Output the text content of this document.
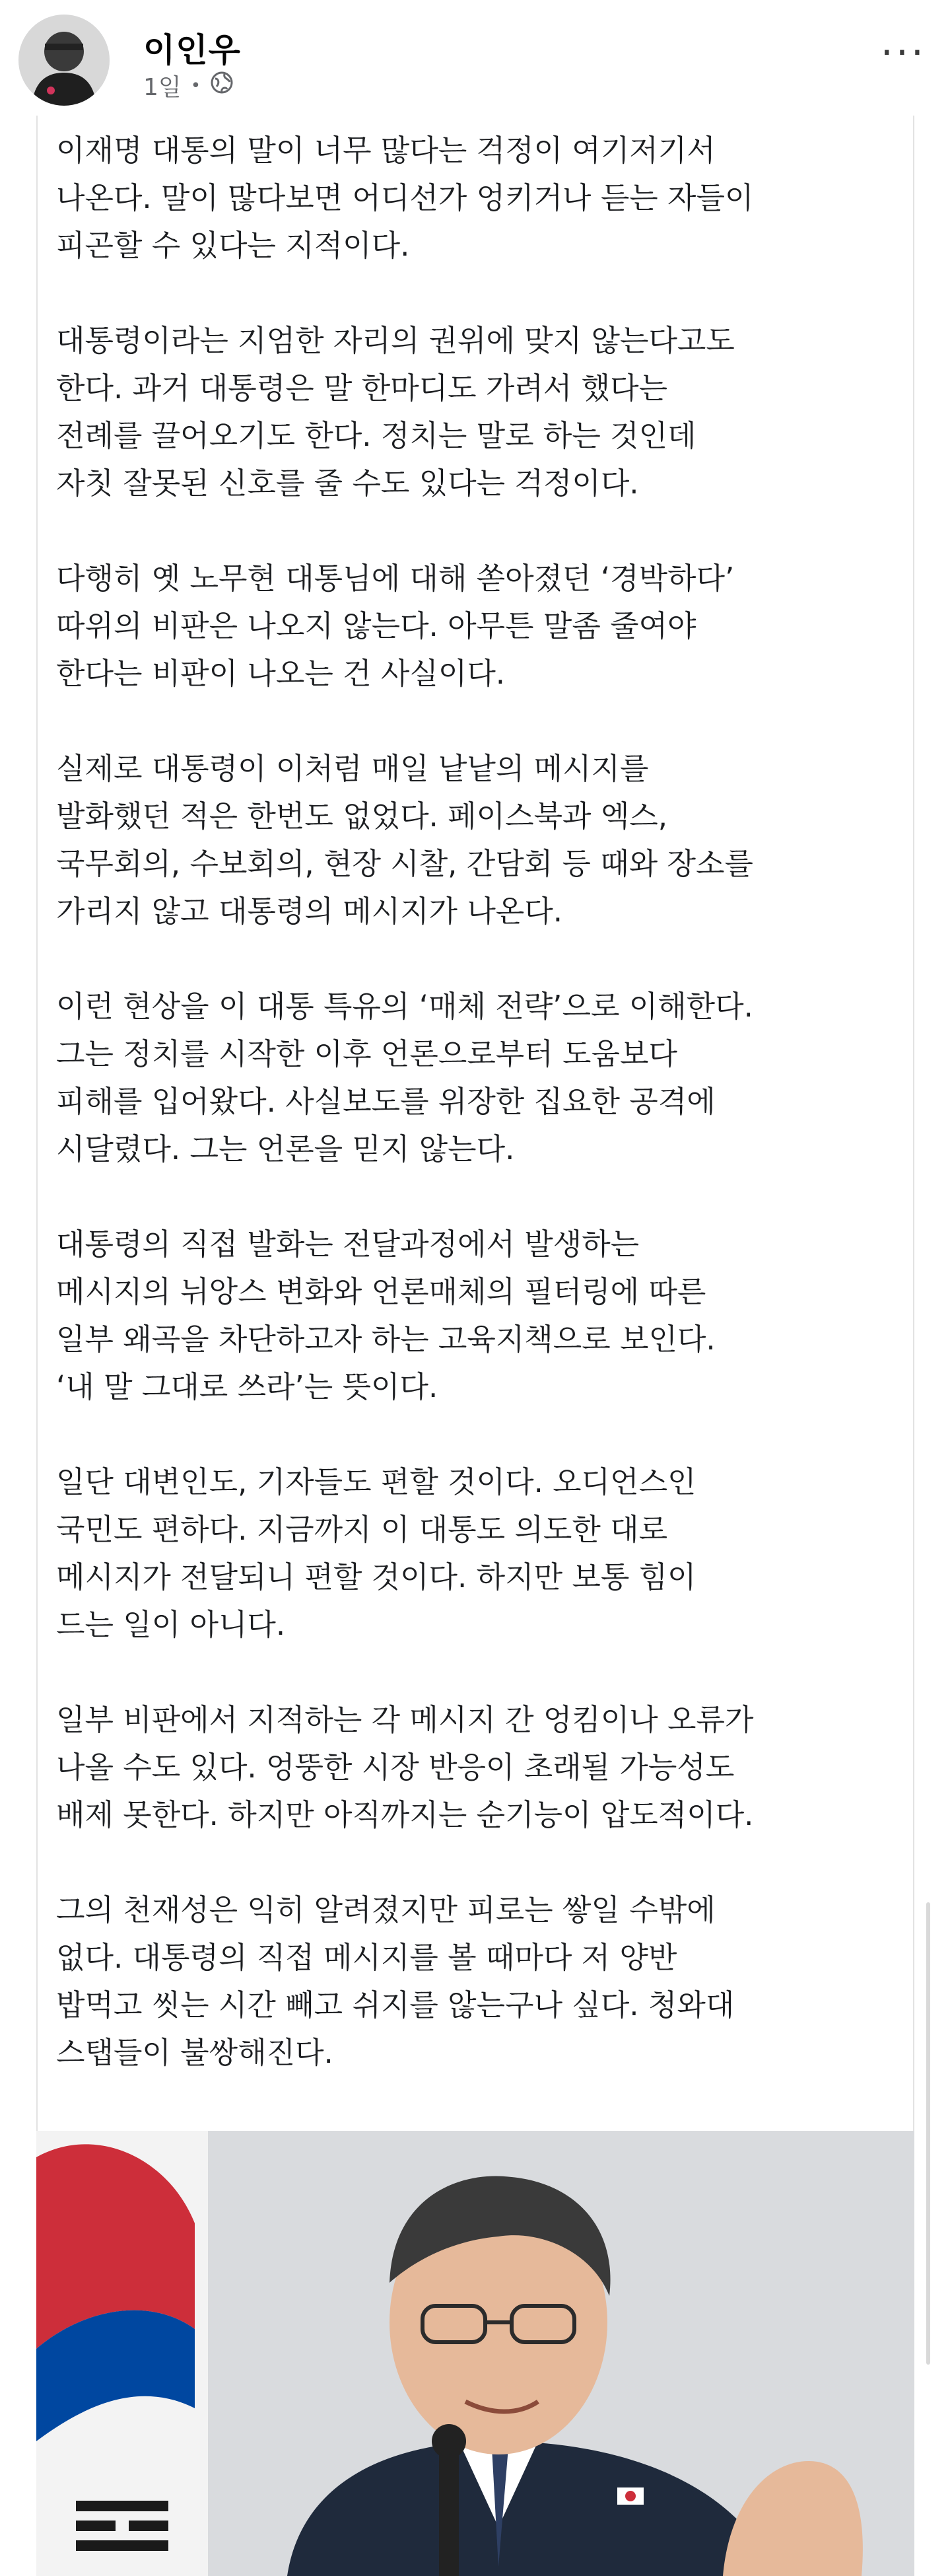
이인우
1일 •
···

이재명 대통의 말이 너무 많다는 걱정이 여기저기서
나온다. 말이 많다보면 어디선가 엉키거나 듣는 자들이
피곤할 수 있다는 지적이다.

대통령이라는 지엄한 자리의 권위에 맞지 않는다고도
한다. 과거 대통령은 말 한마디도 가려서 했다는
전례를 끌어오기도 한다. 정치는 말로 하는 것인데
자칫 잘못된 신호를 줄 수도 있다는 걱정이다.

다행히 옛 노무현 대통님에 대해 쏟아졌던 ‘경박하다’
따위의 비판은 나오지 않는다. 아무튼 말좀 줄여야
한다는 비판이 나오는 건 사실이다.

실제로 대통령이 이처럼 매일 낱낱의 메시지를
발화했던 적은 한번도 없었다. 페이스북과 엑스,
국무회의, 수보회의, 현장 시찰, 간담회 등 때와 장소를
가리지 않고 대통령의 메시지가 나온다.

이런 현상을 이 대통 특유의 ‘매체 전략’으로 이해한다.
그는 정치를 시작한 이후 언론으로부터 도움보다
피해를 입어왔다. 사실보도를 위장한 집요한 공격에
시달렸다. 그는 언론을 믿지 않는다.

대통령의 직접 발화는 전달과정에서 발생하는
메시지의 뉘앙스 변화와 언론매체의 필터링에 따른
일부 왜곡을 차단하고자 하는 고육지책으로 보인다.
‘내 말 그대로 쓰라’는 뜻이다.

일단 대변인도, 기자들도 편할 것이다. 오디언스인
국민도 편하다. 지금까지 이 대통도 의도한 대로
메시지가 전달되니 편할 것이다. 하지만 보통 힘이
드는 일이 아니다.

일부 비판에서 지적하는 각 메시지 간 엉킴이나 오류가
나올 수도 있다. 엉뚱한 시장 반응이 초래될 가능성도
배제 못한다. 하지만 아직까지는 순기능이 압도적이다.

그의 천재성은 익히 알려졌지만 피로는 쌓일 수밖에
없다. 대통령의 직접 메시지를 볼 때마다 저 양반
밥먹고 씻는 시간 빼고 쉬지를 않는구나 싶다. 청와대
스탭들이 불쌍해진다.
